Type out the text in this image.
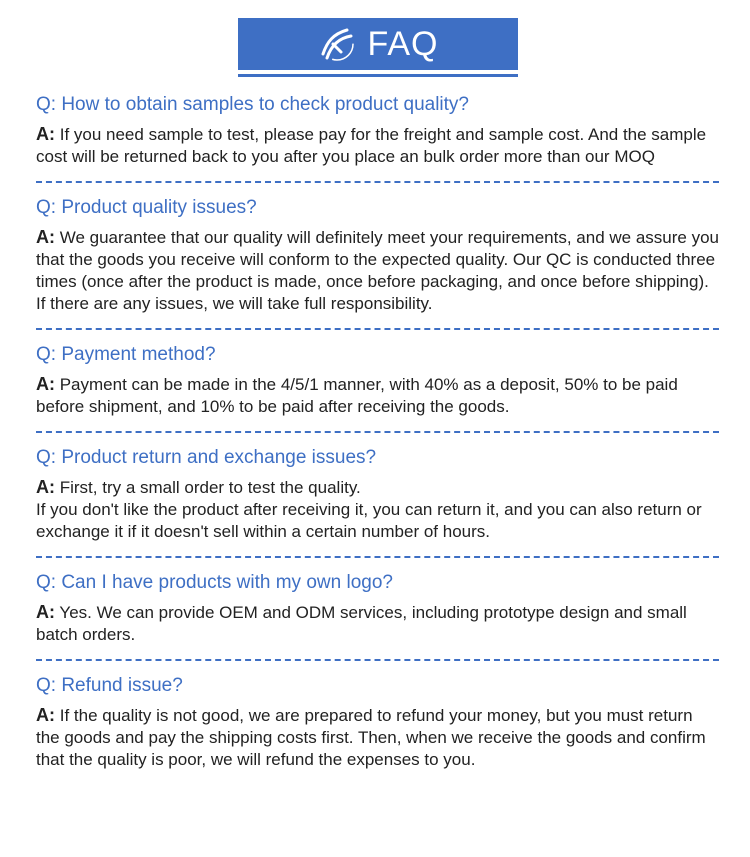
FAQ

Q: How to obtain samples to check product quality?

A: If you need sample to test, please pay for the freight and sample cost. And the sample cost will be returned back to you after you place an bulk order more than our MOQ

Q: Product quality issues?

A: We guarantee that our quality will definitely meet your requirements, and we assure you that the goods you receive will conform to the expected quality. Our QC is conducted three times (once after the product is made, once before packaging, and once before shipping). If there are any issues, we will take full responsibility.

Q: Payment method?

A: Payment can be made in the 4/5/1 manner, with 40% as a deposit, 50% to be paid before shipment, and 10% to be paid after receiving the goods.

Q: Product return and exchange issues?

A: First, try a small order to test the quality.
If you don't like the product after receiving it, you can return it, and you can also return or exchange it if it doesn't sell within a certain number of hours.

Q: Can I have products with my own logo?

A: Yes. We can provide OEM and ODM services, including prototype design and small batch orders.

Q: Refund issue?

A: If the quality is not good, we are prepared to refund your money, but you must return the goods and pay the shipping costs first. Then, when we receive the goods and confirm that the quality is poor, we will refund the expenses to you.
